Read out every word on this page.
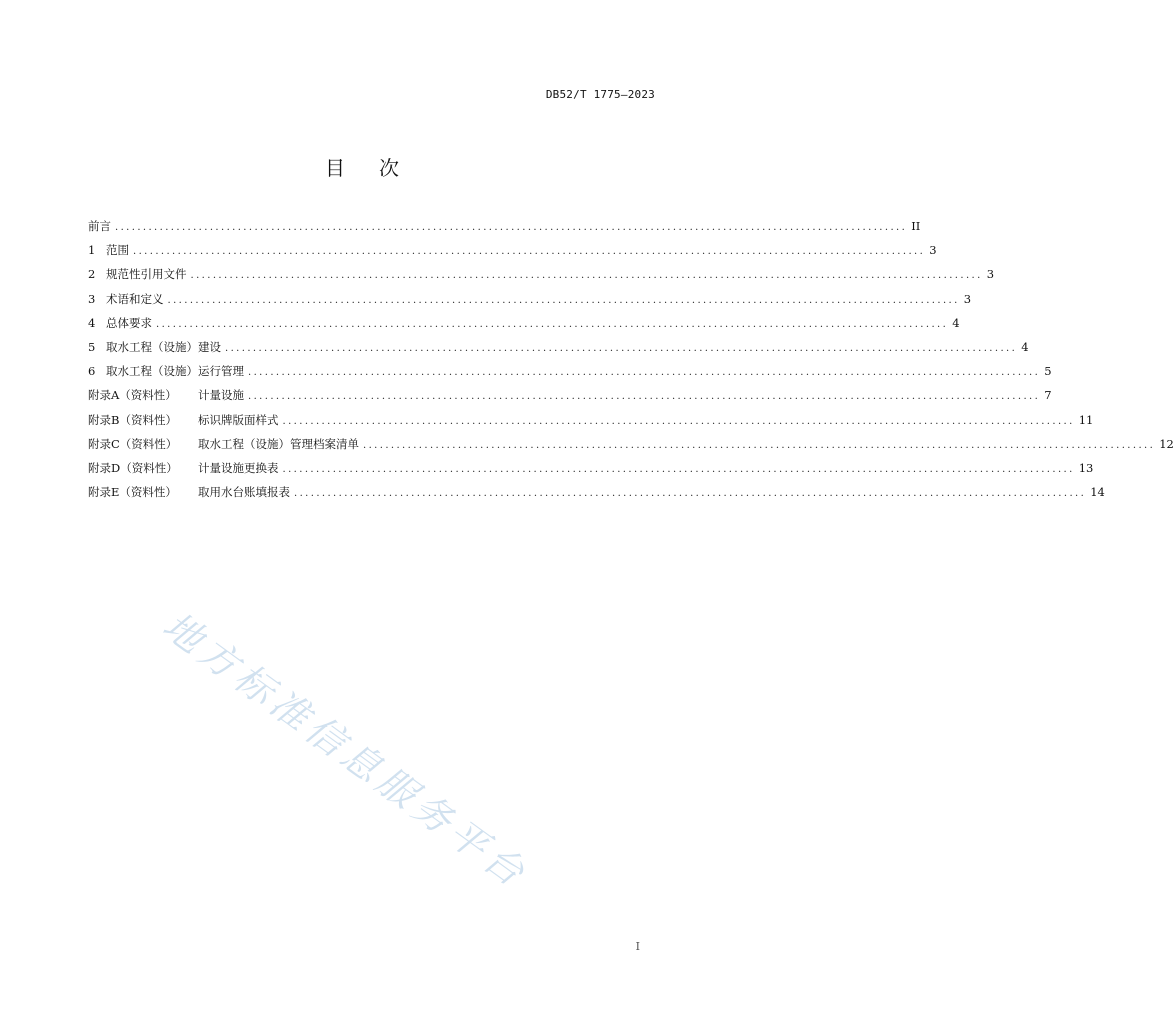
DB52/T 1775—2023
目 次
前言 .............................................................................................................................................. II
1 范围 .............................................................................................................................................. 3
2 规范性引用文件 .............................................................................................................................................. 3
3 术语和定义 .............................................................................................................................................. 3
4 总体要求 .............................................................................................................................................. 4
5 取水工程（设施）建设 .............................................................................................................................................. 4
6 取水工程（设施）运行管理 .............................................................................................................................................. 5
附录A（资料性）	计量设施 .............................................................................................................................................. 7
附录B（资料性）	标识牌版面样式 .............................................................................................................................................. 11
附录C（资料性）	取水工程（设施）管理档案清单 .............................................................................................................................................. 12
附录D（资料性）	计量设施更换表 .............................................................................................................................................. 13
附录E（资料性）	取用水台账填报表 .............................................................................................................................................. 14
地方标准信息服务平台
I
